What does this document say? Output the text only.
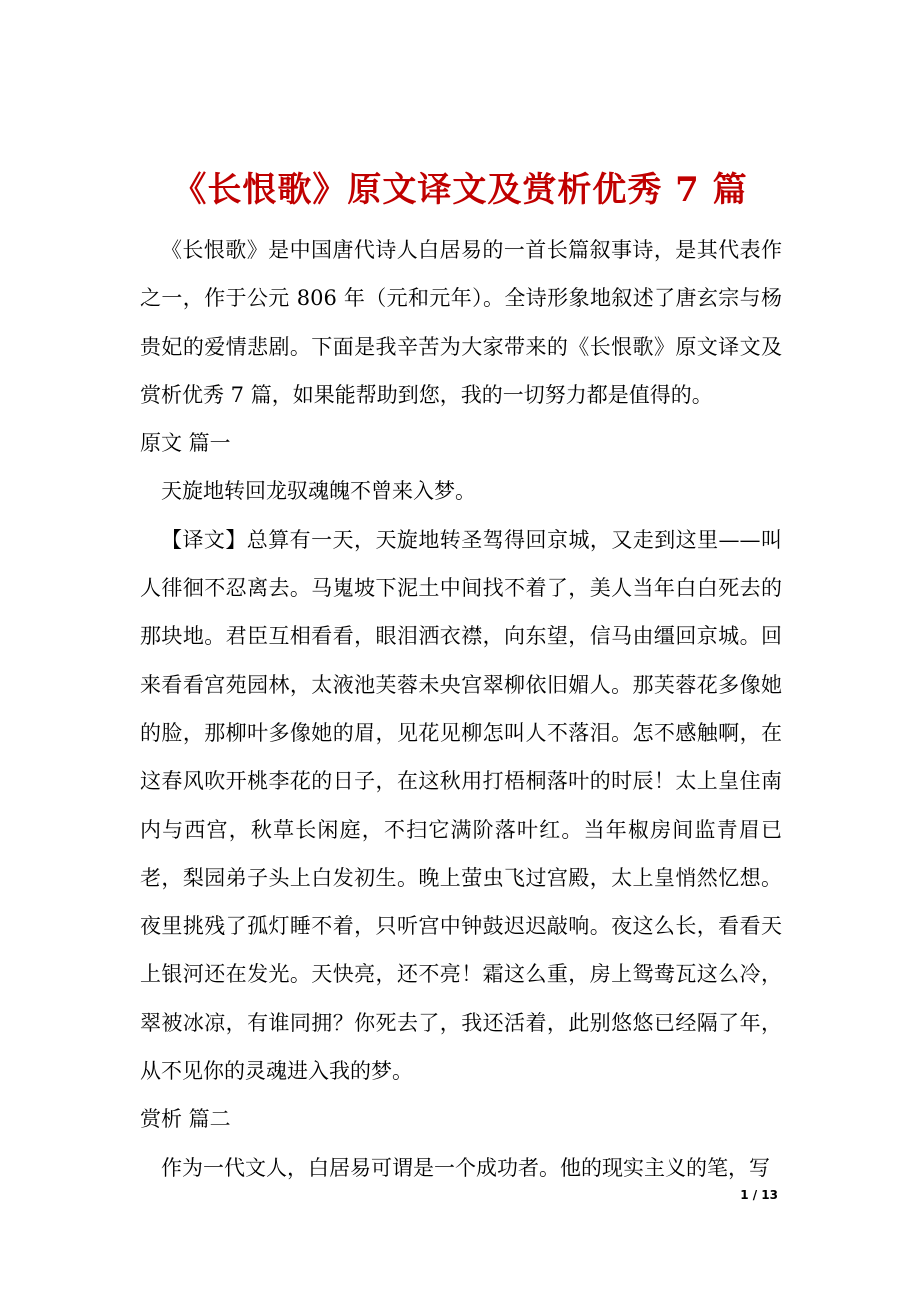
《长恨歌》原文译文及赏析优秀 7 篇

《长恨歌》是中国唐代诗人白居易的一首长篇叙事诗，是其代表作之一，作于公元 806 年（元和元年）。全诗形象地叙述了唐玄宗与杨贵妃的爱情悲剧。下面是我辛苦为大家带来的《长恨歌》原文译文及赏析优秀 7 篇，如果能帮助到您，我的一切努力都是值得的。

原文 篇一

天旋地转回龙驭魂魄不曾来入梦。

【译文】总算有一天，天旋地转圣驾得回京城，又走到这里——叫人徘徊不忍离去。马嵬坡下泥土中间找不着了，美人当年白白死去的那块地。君臣互相看看，眼泪洒衣襟，向东望，信马由缰回京城。回来看看宫苑园林，太液池芙蓉未央宫翠柳依旧媚人。那芙蓉花多像她的脸，那柳叶多像她的眉，见花见柳怎叫人不落泪。怎不感触啊，在这春风吹开桃李花的日子，在这秋用打梧桐落叶的时辰！太上皇住南内与西宫，秋草长闲庭，不扫它满阶落叶红。当年椒房间监青眉已老，梨园弟子头上白发初生。晚上萤虫飞过宫殿，太上皇悄然忆想。夜里挑残了孤灯睡不着，只听宫中钟鼓迟迟敲响。夜这么长，看看天上银河还在发光。天快亮，还不亮！霜这么重，房上鸳鸯瓦这么冷，翠被冰凉，有谁同拥？你死去了，我还活着，此别悠悠已经隔了年，从不见你的灵魂进入我的梦。

赏析 篇二

作为一代文人，白居易可谓是一个成功者。他的现实主义的笔，写

1 / 13
